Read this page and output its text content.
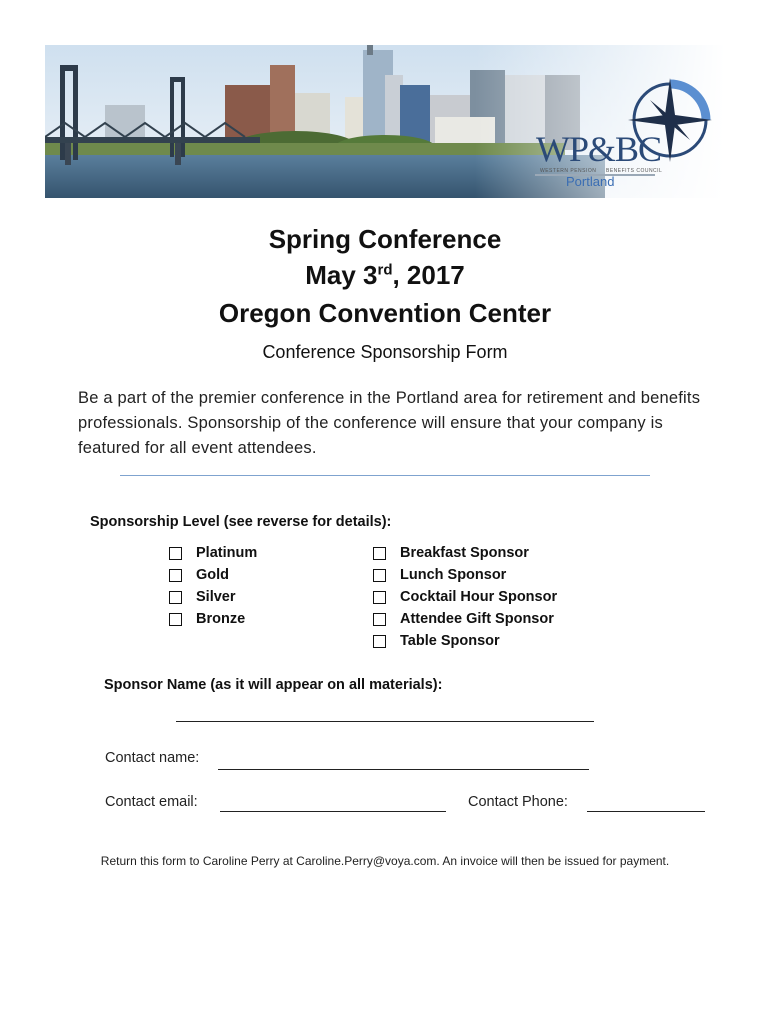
WP&BC
WESTERN PENSION BENEFITS COUNCIL
Portland
Spring Conference
May 3rd, 2017
Oregon Convention Center
Conference Sponsorship Form
Be a part of the premier conference in the Portland area for retirement and benefits professionals. Sponsorship of the conference will ensure that your company is featured for all event attendees.
Sponsorship Level (see reverse for details):
Platinum
Gold
Silver
Bronze
Breakfast Sponsor
Lunch Sponsor
Cocktail Hour Sponsor
Attendee Gift Sponsor
Table Sponsor
Sponsor Name (as it will appear on all materials):
Contact name:
Contact email:	Contact Phone:
Return this form to Caroline Perry at Caroline.Perry@voya.com. An invoice will then be issued for payment.
